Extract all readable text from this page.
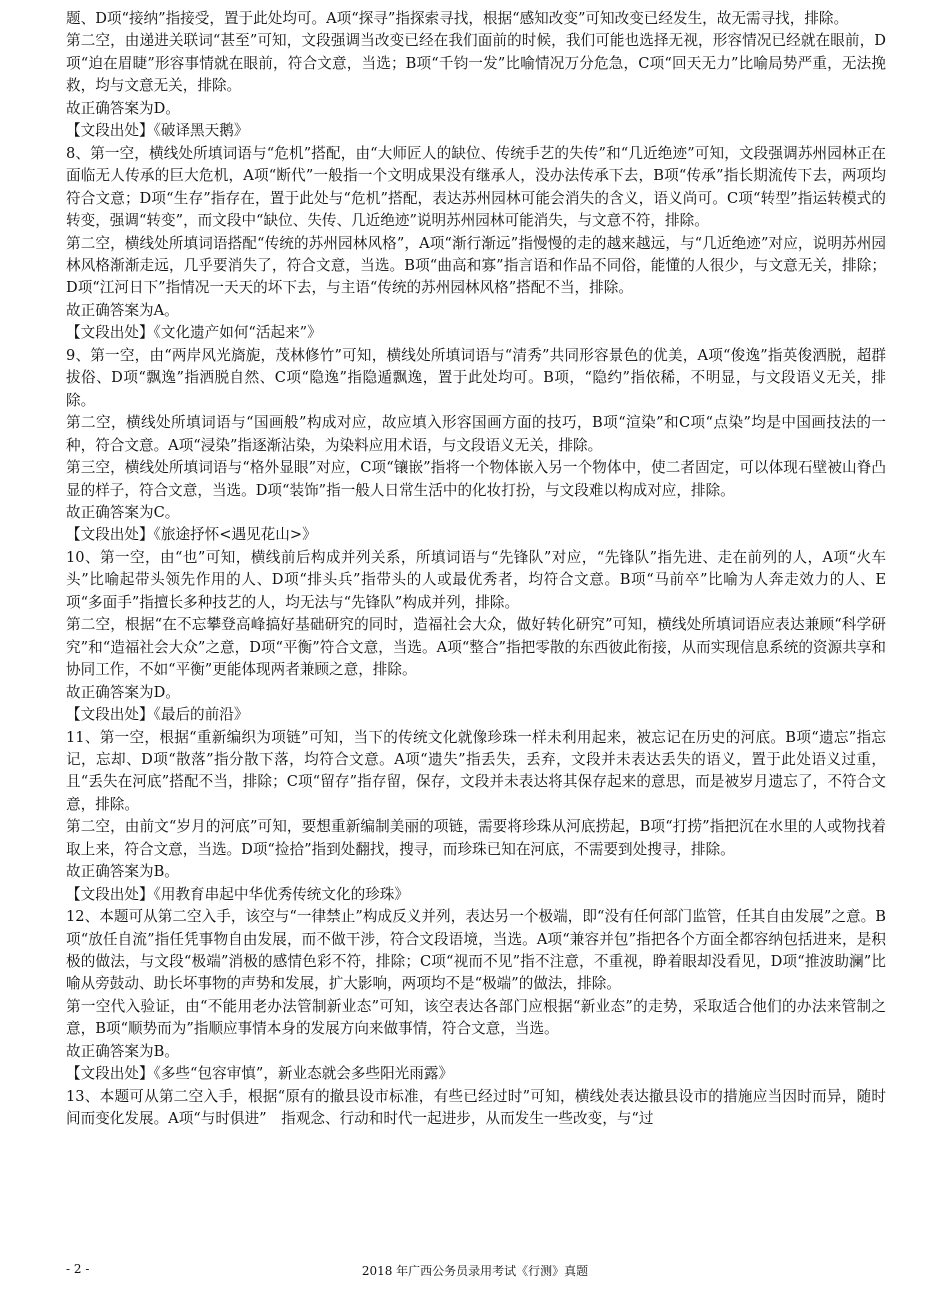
题、D项“接纳”指接受，置于此处均可。A项“探寻”指探索寻找，根据“感知改变”可知改变已经发生，故无需寻找，排除。

第二空，由递进关联词“甚至”可知，文段强调当改变已经在我们面前的时候，我们可能也选择无视，形容情况已经就在眼前，D项“迫在眉睫”形容事情就在眼前，符合文意，当选；B项“千钧一发”比喻情况万分危急，C项“回天无力”比喻局势严重，无法挽救，均与文意无关，排除。

故正确答案为D。

【文段出处】《破译黑天鹅》

8、第一空，横线处所填词语与“危机”搭配，由“大师匠人的缺位、传统手艺的失传”和“几近绝迹”可知，文段强调苏州园林正在面临无人传承的巨大危机，A项“断代”一般指一个文明成果没有继承人，没办法传承下去，B项“传承”指长期流传下去，两项均符合文意；D项“生存”指存在，置于此处与“危机”搭配，表达苏州园林可能会消失的含义，语义尚可。C项“转型”指运转模式的转变，强调“转变”，而文段中“缺位、失传、几近绝迹”说明苏州园林可能消失，与文意不符，排除。

第二空，横线处所填词语搭配“传统的苏州园林风格”，A项“渐行渐远”指慢慢的走的越来越远，与“几近绝迹”对应，说明苏州园林风格渐渐走远，几乎要消失了，符合文意，当选。B项“曲高和寡”指言语和作品不同俗，能懂的人很少，与文意无关，排除；D项“江河日下”指情况一天天的坏下去，与主语“传统的苏州园林风格”搭配不当，排除。

故正确答案为A。

【文段出处】《文化遗产如何“活起来”》

9、第一空，由“两岸风光旖旎，茂林修竹”可知，横线处所填词语与“清秀”共同形容景色的优美，A项“俊逸”指英俊洒脱，超群拔俗、D项“飘逸”指洒脱自然、C项“隐逸”指隐遁飘逸，置于此处均可。B项，“隐约”指依稀，不明显，与文段语义无关，排除。

第二空，横线处所填词语与“国画般”构成对应，故应填入形容国画方面的技巧，B项“渲染”和C项“点染”均是中国画技法的一种，符合文意。A项“浸染”指逐渐沾染，为染料应用术语，与文段语义无关，排除。

第三空，横线处所填词语与“格外显眼”对应，C项“镶嵌”指将一个物体嵌入另一个物体中，使二者固定，可以体现石壁被山脊凸显的样子，符合文意，当选。D项“装饰”指一般人日常生活中的化妆打扮，与文段难以构成对应，排除。

故正确答案为C。

【文段出处】《旅途抒怀<遇见花山>》

10、第一空，由“也”可知，横线前后构成并列关系，所填词语与“先锋队”对应，“先锋队”指先进、走在前列的人，A项“火车头”比喻起带头领先作用的人、D项“排头兵”指带头的人或最优秀者，均符合文意。B项“马前卒”比喻为人奔走效力的人、E项“多面手”指擅长多种技艺的人，均无法与“先锋队”构成并列，排除。

第二空，根据“在不忘攀登高峰搞好基础研究的同时，造福社会大众，做好转化研究”可知，横线处所填词语应表达兼顾“科学研究”和“造福社会大众”之意，D项“平衡”符合文意，当选。A项“整合”指把零散的东西彼此衔接，从而实现信息系统的资源共享和协同工作，不如“平衡”更能体现两者兼顾之意，排除。

故正确答案为D。

【文段出处】《最后的前沿》

11、第一空，根据“重新编织为项链”可知，当下的传统文化就像珍珠一样未利用起来，被忘记在历史的河底。B项“遗忘”指忘记，忘却、D项“散落”指分散下落，均符合文意。A项“遗失”指丢失，丢弃，文段并未表达丢失的语义，置于此处语义过重，且“丢失在河底”搭配不当，排除；C项“留存”指存留，保存，文段并未表达将其保存起来的意思，而是被岁月遗忘了，不符合文意，排除。

第二空，由前文“岁月的河底”可知，要想重新编制美丽的项链，需要将珍珠从河底捞起，B项“打捞”指把沉在水里的人或物找着取上来，符合文意，当选。D项“捡拾”指到处翻找，搜寻，而珍珠已知在河底，不需要到处搜寻，排除。

故正确答案为B。

【文段出处】《用教育串起中华优秀传统文化的珍珠》

12、本题可从第二空入手，该空与“一律禁止”构成反义并列，表达另一个极端，即“没有任何部门监管，任其自由发展”之意。B项“放任自流”指任凭事物自由发展，而不做干涉，符合文段语境，当选。A项“兼容并包”指把各个方面全都容纳包括进来，是积极的做法，与文段“极端”消极的感情色彩不符，排除；C项“视而不见”指不注意，不重视，睁着眼却没看见，D项“推波助澜”比喻从旁鼓动、助长坏事物的声势和发展，扩大影响，两项均不是“极端”的做法，排除。

第一空代入验证，由“不能用老办法管制新业态”可知，该空表达各部门应根据“新业态”的走势，采取适合他们的办法来管制之意，B项“顺势而为”指顺应事情本身的发展方向来做事情，符合文意，当选。

故正确答案为B。

【文段出处】《多些“包容审慎”，新业态就会多些阳光雨露》

13、本题可从第二空入手，根据“原有的撤县设市标准，有些已经过时”可知，横线处表达撤县设市的措施应当因时而异，随时间而变化发展。A项“与时俱进”　指观念、行动和时代一起进步，从而发生一些改变，与“过

- 2 -	2018 年广西公务员录用考试《行测》真题
